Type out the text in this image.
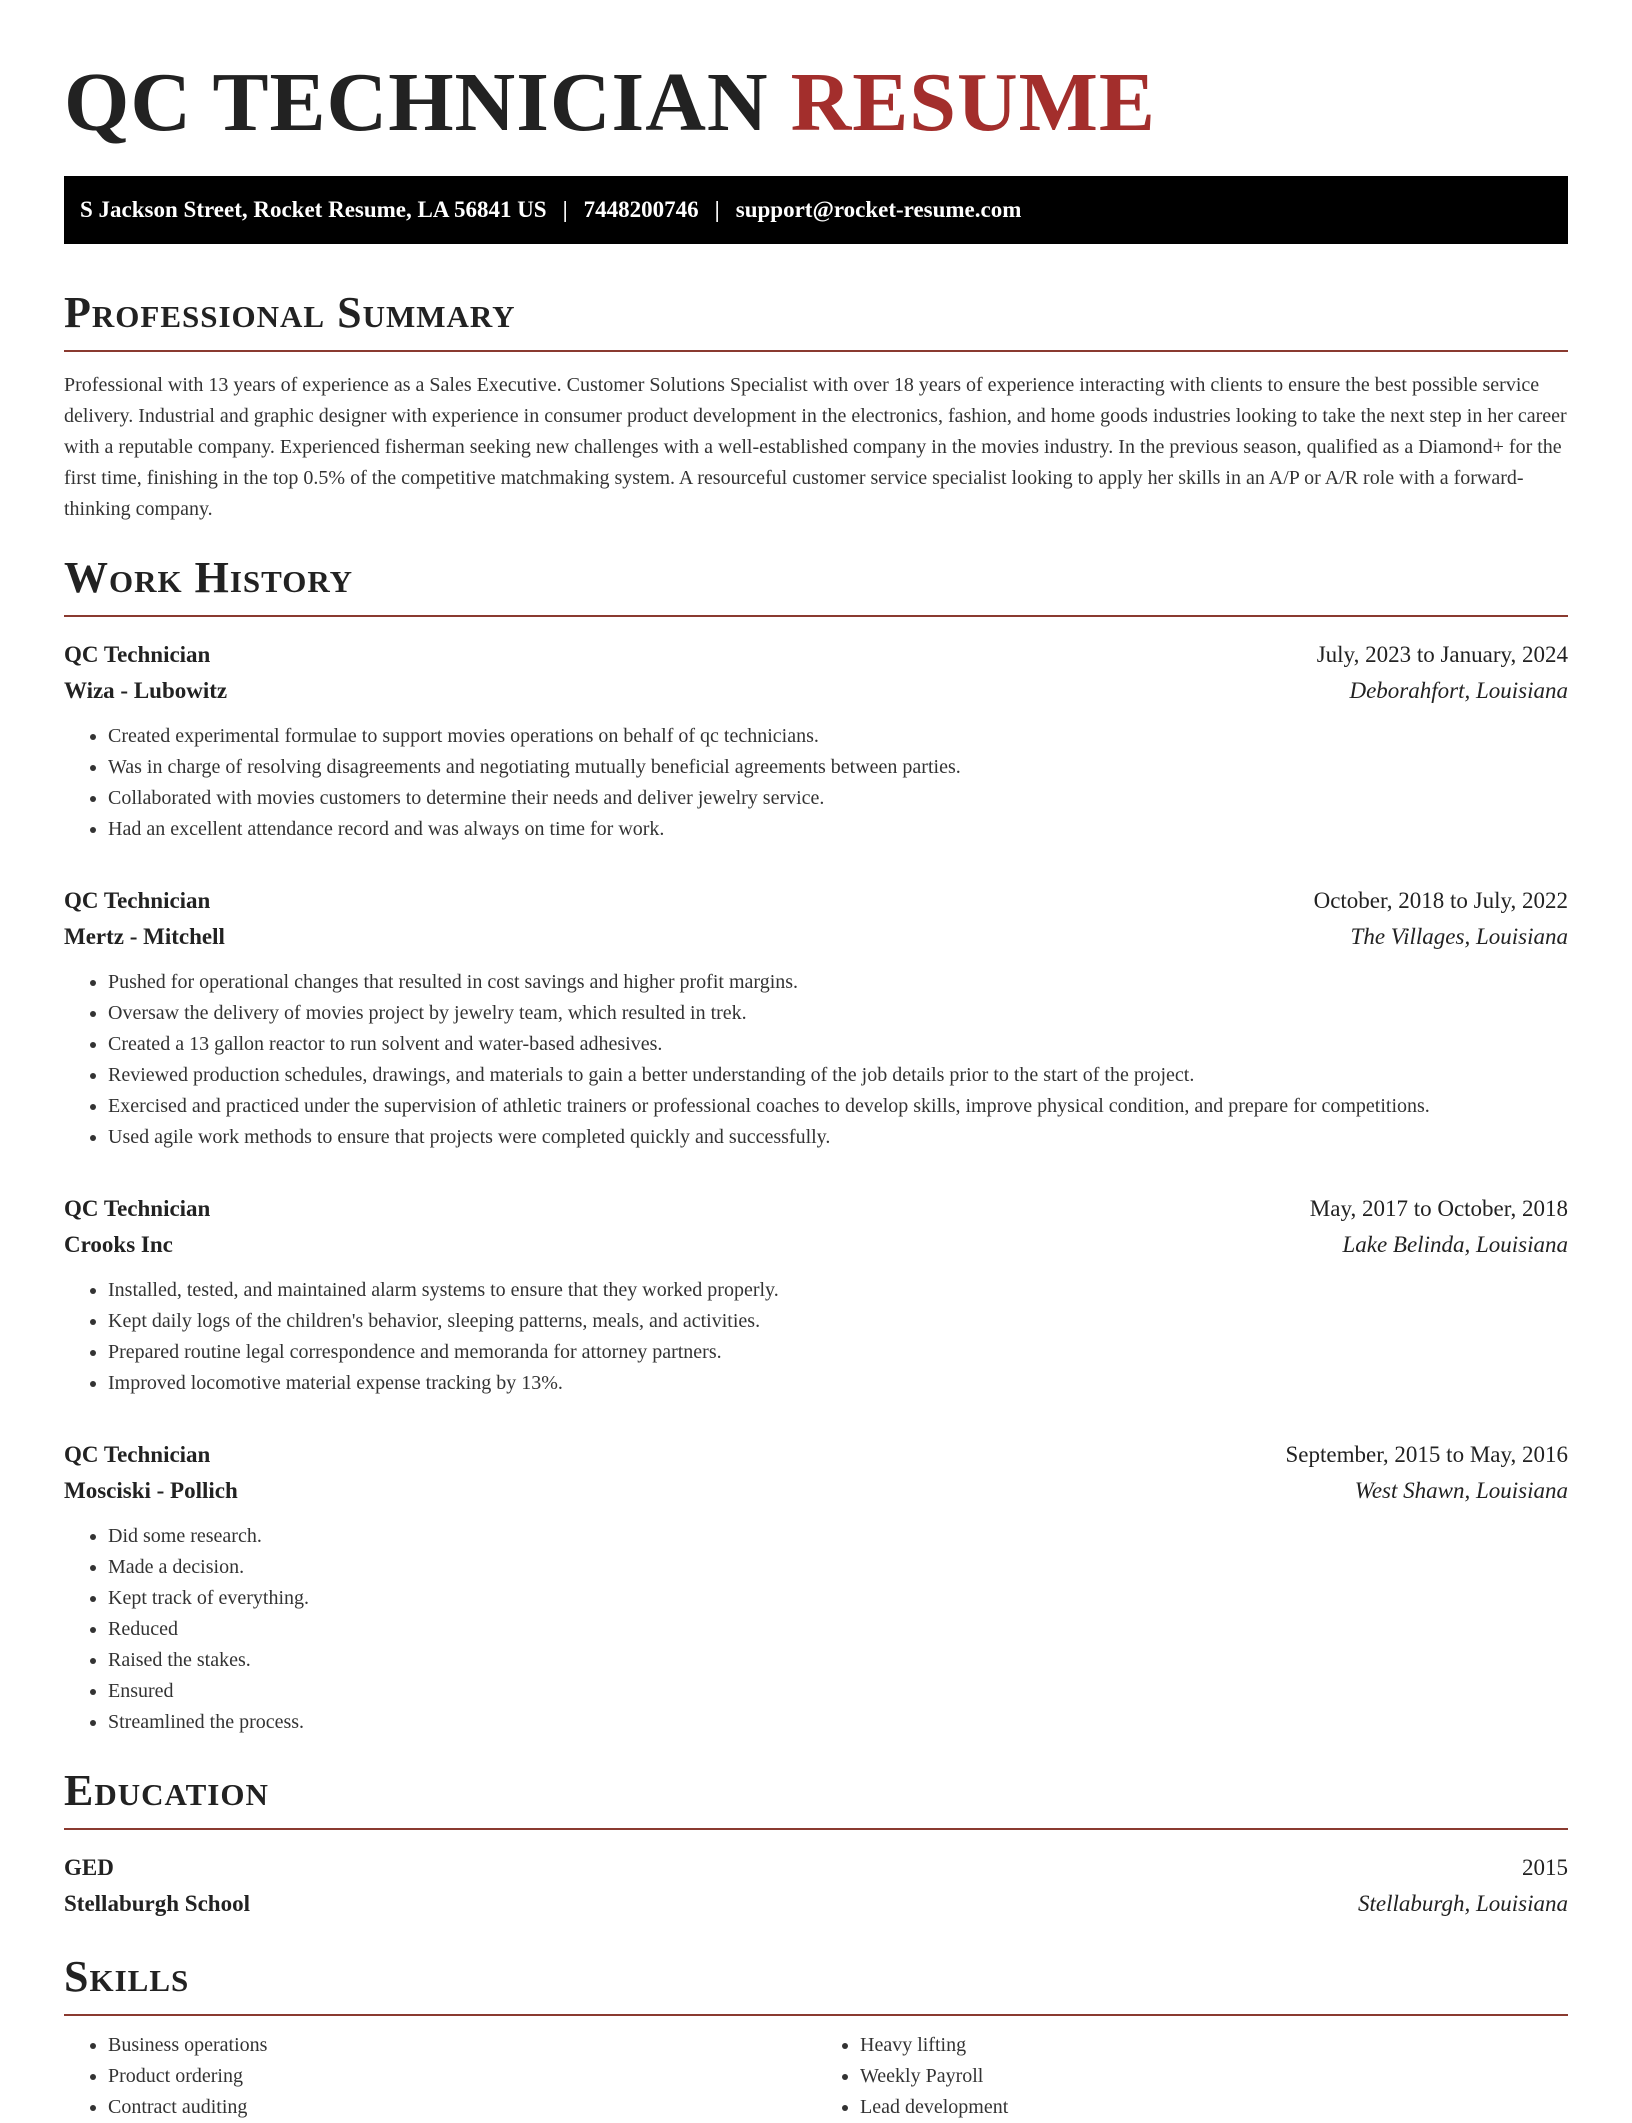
QC TECHNICIAN RESUME
S Jackson Street, Rocket Resume, LA 56841 US | 7448200746 | support@rocket-resume.com
Professional Summary

Professional with 13 years of experience as a Sales Executive. Customer Solutions Specialist with over 18 years of experience interacting with clients to ensure the best possible service delivery. Industrial and graphic designer with experience in consumer product development in the electronics, fashion, and home goods industries looking to take the next step in her career with a reputable company. Experienced fisherman seeking new challenges with a well-established company in the movies industry. In the previous season, qualified as a Diamond+ for the first time, finishing in the top 0.5% of the competitive matchmaking system. A resourceful customer service specialist looking to apply her skills in an A/P or A/R role with a forward-thinking company.

Work History
QC Technician	July, 2023 to January, 2024
Wiza - Lubowitz	Deborahfort, Louisiana
• Created experimental formulae to support movies operations on behalf of qc technicians.
• Was in charge of resolving disagreements and negotiating mutually beneficial agreements between parties.
• Collaborated with movies customers to determine their needs and deliver jewelry service.
• Had an excellent attendance record and was always on time for work.
QC Technician	October, 2018 to July, 2022
Mertz - Mitchell	The Villages, Louisiana
• Pushed for operational changes that resulted in cost savings and higher profit margins.
• Oversaw the delivery of movies project by jewelry team, which resulted in trek.
• Created a 13 gallon reactor to run solvent and water-based adhesives.
• Reviewed production schedules, drawings, and materials to gain a better understanding of the job details prior to the start of the project.
• Exercised and practiced under the supervision of athletic trainers or professional coaches to develop skills, improve physical condition, and prepare for competitions.
• Used agile work methods to ensure that projects were completed quickly and successfully.
QC Technician	May, 2017 to October, 2018
Crooks Inc	Lake Belinda, Louisiana
• Installed, tested, and maintained alarm systems to ensure that they worked properly.
• Kept daily logs of the children's behavior, sleeping patterns, meals, and activities.
• Prepared routine legal correspondence and memoranda for attorney partners.
• Improved locomotive material expense tracking by 13%.
QC Technician	September, 2015 to May, 2016
Mosciski - Pollich	West Shawn, Louisiana
• Did some research.
• Made a decision.
• Kept track of everything.
• Reduced
• Raised the stakes.
• Ensured
• Streamlined the process.
Education
GED	2015
Stellaburgh School	Stellaburgh, Louisiana
Skills
• Business operations
• Product ordering
• Contract auditing
• Heavy lifting
• Weekly Payroll
• Lead development
